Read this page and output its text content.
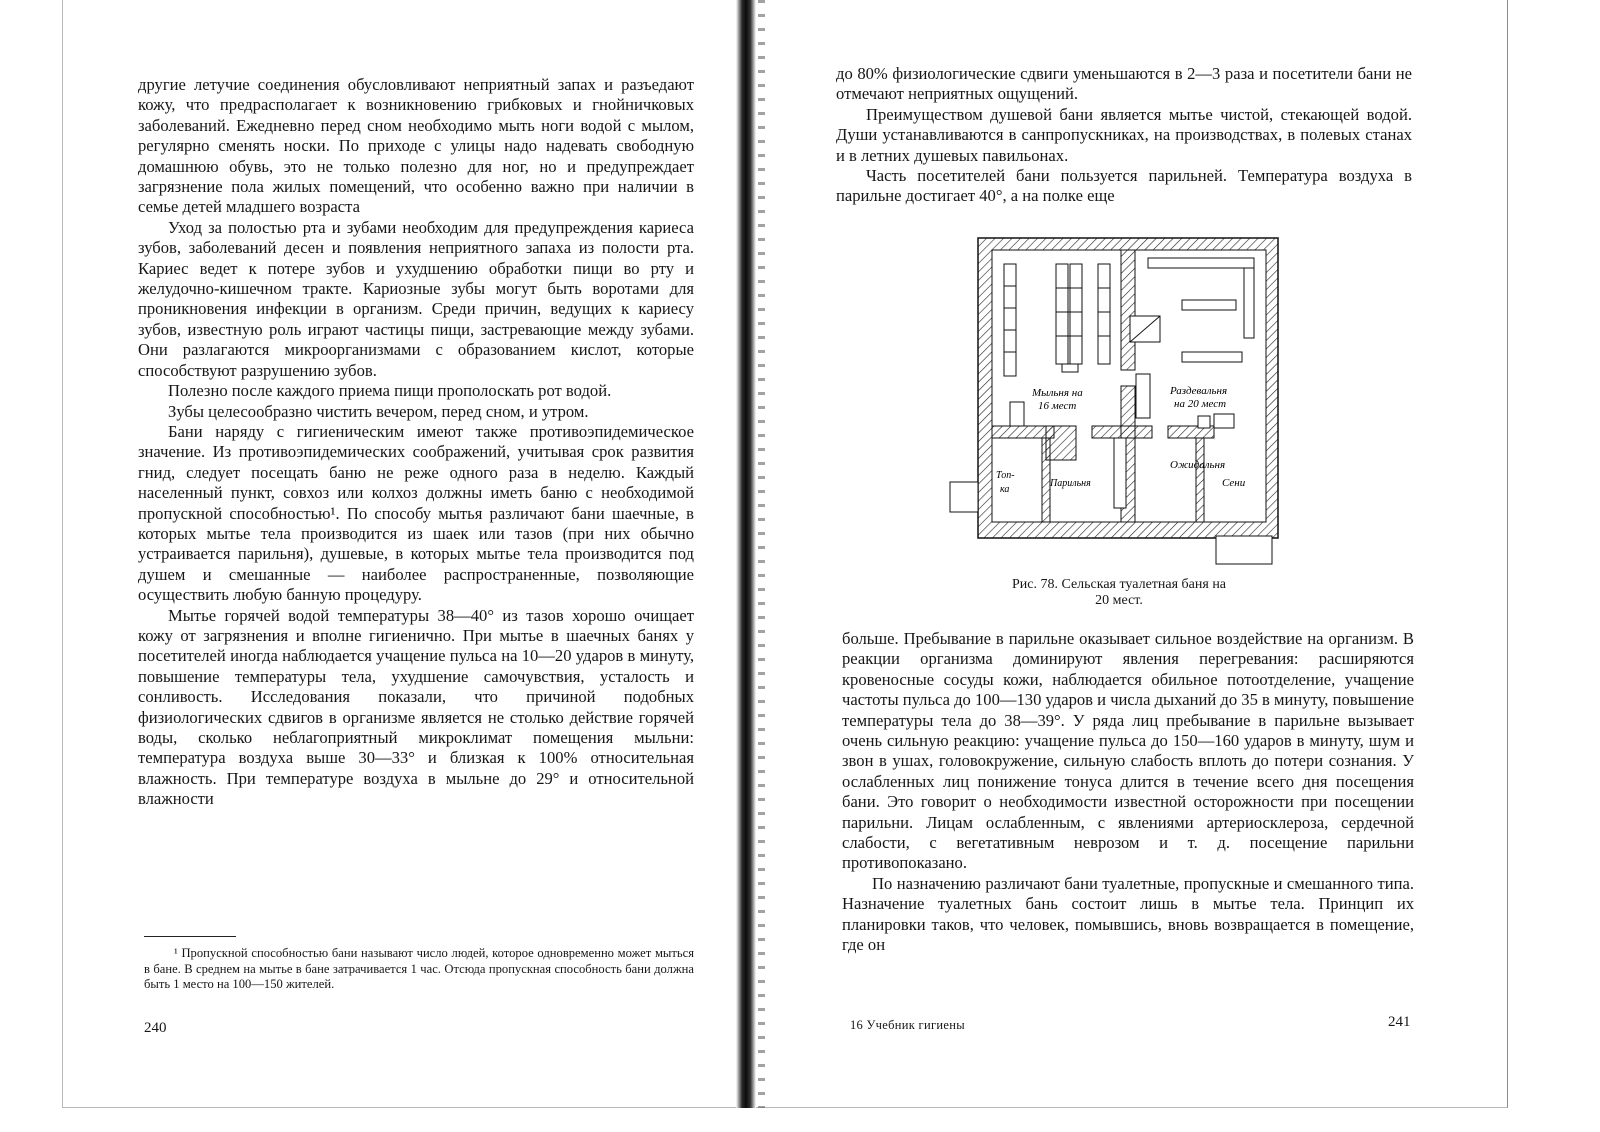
другие летучие соединения обусловливают неприятный запах и разъедают кожу, что предрасполагает к возникновению грибковых и гнойничковых заболеваний. Ежедневно перед сном необходимо мыть ноги водой с мылом, регулярно сменять носки. По приходе с улицы надо надевать свободную домашнюю обувь, это не только полезно для ног, но и предупреждает загрязнение пола жилых помещений, что особенно важно при наличии в семье детей младшего возраста

Уход за полостью рта и зубами необходим для предупреждения кариеса зубов, заболеваний десен и появления неприятного запаха из полости рта. Кариес ведет к потере зубов и ухудшению обработки пищи во рту и желудочно-кишечном тракте. Кариозные зубы могут быть воротами для проникновения инфекции в организм. Среди причин, ведущих к кариесу зубов, известную роль играют частицы пищи, застревающие между зубами. Они разлагаются микроорганизмами с образованием кислот, которые способствуют разрушению зубов.

Полезно после каждого приема пищи прополоскать рот водой.

Зубы целесообразно чистить вечером, перед сном, и утром.

Бани наряду с гигиеническим имеют также противоэпидемическое значение. Из противоэпидемических соображений, учитывая срок развития гнид, следует посещать баню не реже одного раза в неделю. Каждый населенный пункт, совхоз или колхоз должны иметь баню с необходимой пропускной способностью¹. По способу мытья различают бани шаечные, в которых мытье тела производится из шаек или тазов (при них обычно устраивается парильня), душевые, в которых мытье тела производится под душем и смешанные — наиболее распространенные, позволяющие осуществить любую банную процедуру.

Мытье горячей водой температуры 38—40° из тазов хорошо очищает кожу от загрязнения и вполне гигиенично. При мытье в шаечных банях у посетителей иногда наблюдается учащение пульса на 10—20 ударов в минуту, повышение температуры тела, ухудшение самочувствия, усталость и сонливость. Исследования показали, что причиной подобных физиологических сдвигов в организме является не столько действие горячей воды, сколько неблагоприятный микроклимат помещения мыльни: температура воздуха выше 30—33° и близкая к 100% относительная влажность. При температуре воздуха в мыльне до 29° и относительной влажности

¹ Пропускной способностью бани называют число людей, которое одновременно может мыться в бане. В среднем на мытье в бане затрачивается 1 час. Отсюда пропускная способность бани должна быть 1 место на 100—150 жителей.
240

до 80% физиологические сдвиги уменьшаются в 2—3 раза и посетители бани не отмечают неприятных ощущений.

Преимуществом душевой бани является мытье чистой, стекающей водой. Души устанавливаются в санпропускниках, на производствах, в полевых станах и в летних душевых павильонах.

Часть посетителей бани пользуется парильней. Температура воздуха в парильне достигает 40°, а на полке еще

Мыльня на
16 мест
Раздевальня
на 20 мест
Ожидальня
Сени
Парильня
Топ-
ка
Рис. 78. Сельская туалетная баня на
20 мест.

больше. Пребывание в парильне оказывает сильное воздействие на организм. В реакции организма доминируют явления перегревания: расширяются кровеносные сосуды кожи, наблюдается обильное потоотделение, учащение частоты пульса до 100—130 ударов и числа дыханий до 35 в минуту, повышение температуры тела до 38—39°. У ряда лиц пребывание в парильне вызывает очень сильную реакцию: учащение пульса до 150—160 ударов в минуту, шум и звон в ушах, головокружение, сильную слабость вплоть до потери сознания. У ослабленных лиц понижение тонуса длится в течение всего дня посещения бани. Это говорит о необходимости известной осторожности при посещении парильни. Лицам ослабленным, с явлениями артериосклероза, сердечной слабости, с вегетативным неврозом и т. д. посещение парильни противопоказано.

По назначению различают бани туалетные, пропускные и смешанного типа. Назначение туалетных бань состоит лишь в мытье тела. Принцип их планировки таков, что человек, помывшись, вновь возвращается в помещение, где он

16 Учебник гигиены	241
